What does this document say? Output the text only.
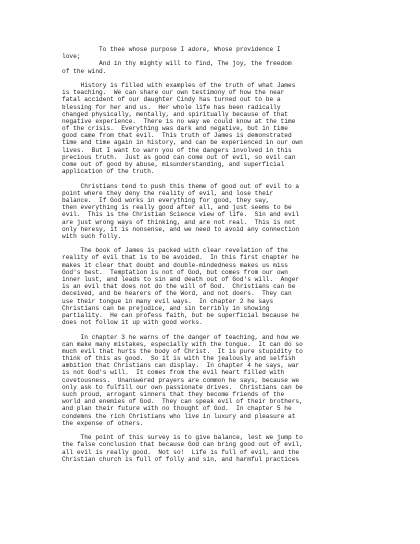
To thee whose purpose I adore, Whose providence I
love;
And in thy mighty will to find, The joy, the freedom
of the wind.
History is filled with examples of the truth of what James
is teaching.  We can share our own testimony of how the near
fatal accident of our daughter Cindy has turned out to be a
blessing for her and us.  Her whole life has been radically
changed physically, mentally, and spiritually because of that
negative experience.  There is no way we could know at the time
of the crisis.  Everything was dark and negative, but in time
good came from that evil.  This truth of James is demonstrated
time and time again in history, and can be experienced in our own
lives.  But I want to warn you of the dangers involved in this
precious truth.  Just as good can come out of evil, so evil can
come out of good by abuse, misunderstanding, and superficial
application of the truth.
Christians tend to push this theme of good out of evil to a
point where they deny the reality of evil, and lose their
balance.  If God works in everything for good, they say,
then everything is really good after all, and just seems to be
evil.  This is the Christian Science view of life.  Sin and evil
are just wrong ways of thinking, and are not real.  This is not
only heresy, it is nonsense, and we need to avoid any connection
with such folly.
The book of James is packed with clear revelation of the
reality of evil that is to be avoided.  In this first chapter he
makes it clear that doubt and double-mindedness makes us miss
God's best.  Temptation is not of God, but comes from our own
inner lust, and leads to sin and death out of God's will.  Anger
is an evil that does not do the will of God.  Christians can be
deceived, and be hearers of the Word, and not doers.  They can
use their tongue in many evil ways.  In chapter 2 he says
Christians can be prejudice, and sin terribly in showing
partiality.  He can profess faith, but be superficial because he
does not follow it up with good works.
In chapter 3 he warns of the danger of teaching, and how we
can make many mistakes, especially with the tongue.  It can do so
much evil that hurts the body of Christ.  It is pure stupidity to
think of this as good.  So it is with the jealously and selfish
ambition that Christians can display.  In chapter 4 he says, war
is not God's will.  It comes from the evil heart filled with
covetousness.  Unanswered prayers are common he says, because we
only ask to fulfill our own passionate drives.  Christians can be
such proud, arrogant sinners that they become friends of the
world and enemies of God.  They can speak evil of their brothers,
and plan their future with no thought of God.  In chapter 5 he
condemns the rich Christians who live in luxury and pleasure at
the expense of others.
The point of this survey is to give balance, lest we jump to
the false conclusion that because God can bring good out of evil,
all evil is really good.  Not so!  Life is full of evil, and the
Christian church is full of folly and sin, and harmful practices
